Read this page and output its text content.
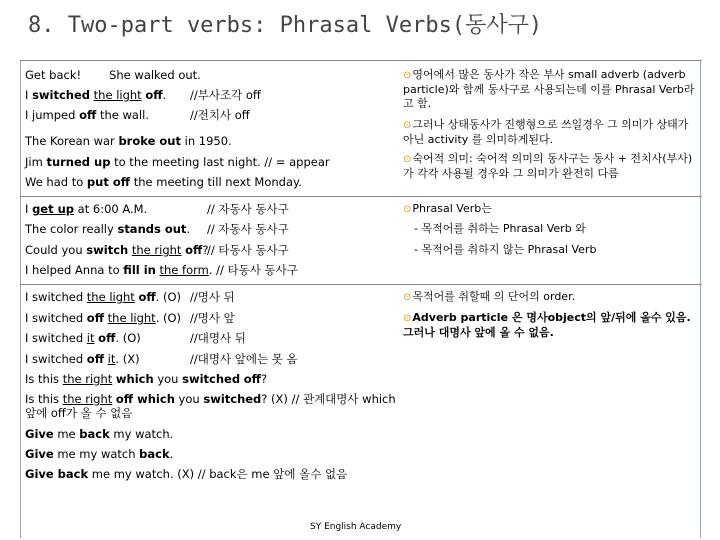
8. Two-part verbs: Phrasal Verbs(동사구)
Get back! She walked out.
I switched the light off. //부사조각 off
I jumped off the wall.	//전치사 off
The Korean war broke out in 1950.
Jim turned up to the meeting last night. // = appear
We had to put off the meeting till next Monday.
I get up at 6:00 A.M.	// 자동사 동사구
The color really stands out. // 자동사 동사구
Could you switch the right off?
// 타동사 동사구
I helped Anna to fill in the form. // 타동사 동사구
I switched the light off. (O) //명사 뒤
I switched off the light. (O) //명사 앞
I switched it off. (O)	//대명사 뒤
I switched off it. (X)	//대명사 앞에는 못 옴
Is this the right which you switched off?
Is this the right off which you switched? (X) // 관계대명사 which
앞에 off가 올 수 없음
Give me back my watch.
Give me my watch back.
Give back me my watch. (X) // back은 me 앞에 올수 없음
⊙영어에서 많은 동사가 작은 부사 small adverb (adverb particle)와 함께 동사구로 사용되는데 이를 Phrasal Verb라고 함.
⊙그러나 상태동사가 진행형으로 쓰일경우 그 의미가 상태가 아닌 activity 를 의미하게된다.
⊙숙어적 의미: 숙어적 의미의 동사구는 동사 + 전치사(부사)가 각각 사용될 경우와 그 의미가 완전히 다름
⊙Phrasal Verb는
- 목적어를 취하는 Phrasal Verb 와
- 목적어를 취하지 않는 Phrasal Verb
⊙목적어를 취할때 의 단어의 order.
⊙Adverb particle 은 명사object의 앞/뒤에 올수 있음. 그러나 대명사 앞에 올 수 없음.
SY English Academy
